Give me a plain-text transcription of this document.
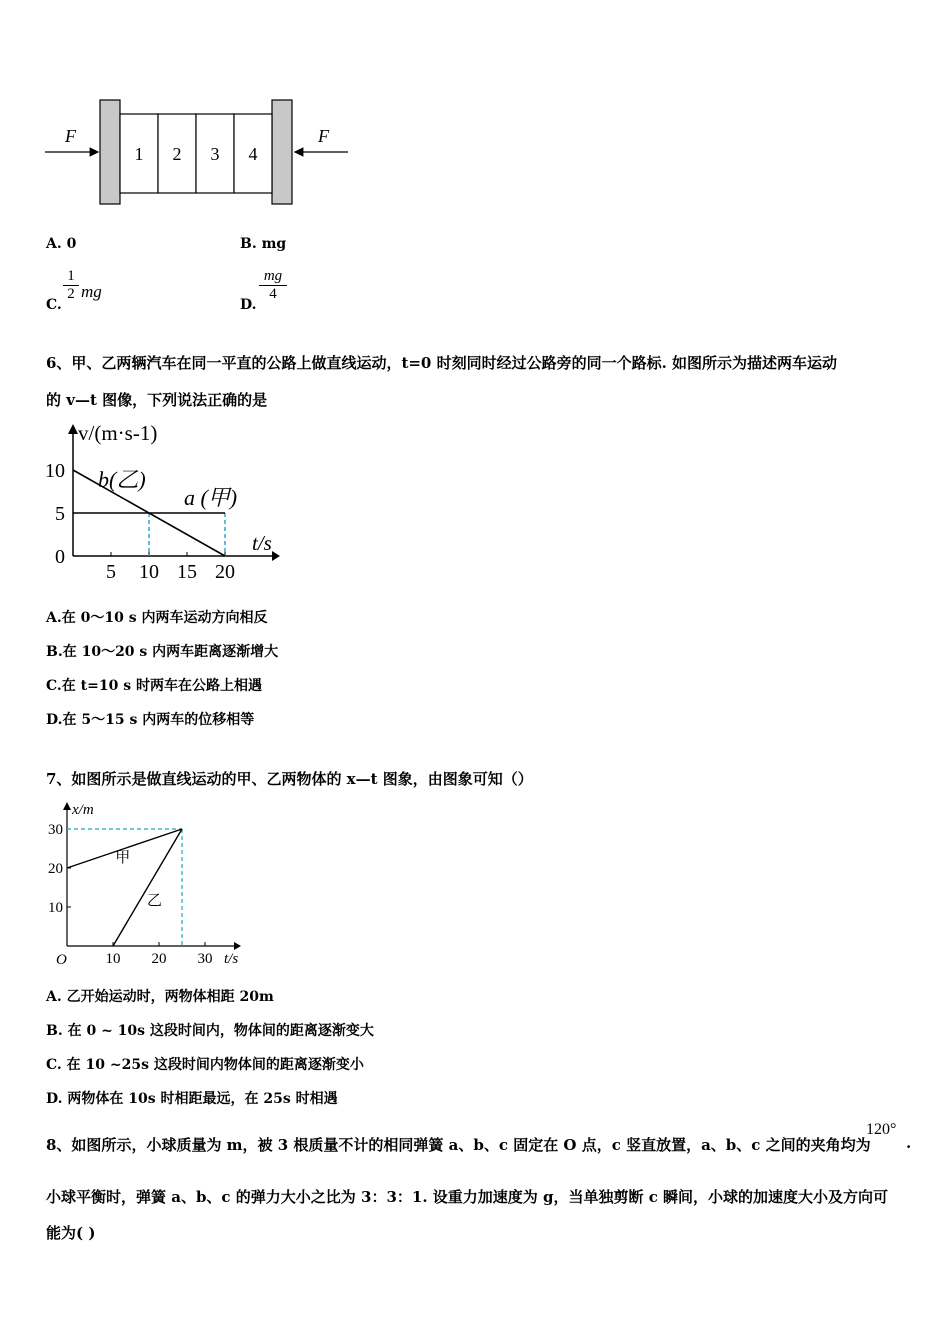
F	F
1 2 3 4
A. 0	B. mg
C.
$\frac{1}{2}$ mg
D.
$\frac{mg}{4}$
6、甲、乙两辆汽车在同一平直的公路上做直线运动，t=0 时刻同时经过公路旁的同一个路标. 如图所示为描述两车运动
的 v—t 图像，下列说法正确的是
5 10 15 20
0
5
10 b(乙)
a (甲)
v/(m·s-1)
t/s
A.在 0～10 s 内两车运动方向相反
B.在 10～20 s 内两车距离逐渐增大
C.在 t=10 s 时两车在公路上相遇
D.在 5～15 s 内两车的位移相等
7、如图所示是做直线运动的甲、乙两物体的 x—t 图象，由图象可知（）
10 20 30
10
20
30
O
甲
乙
x/m
t/s
A. 乙开始运动时，两物体相距 20m
B. 在 0 ~ 10s 这段时间内，物体间的距离逐渐变大
C. 在 10 ~25s 这段时间内物体间的距离逐渐变小
D. 两物体在 10s 时相距最远，在 25s 时相遇
8、如图所示，小球质量为 m，被 3 根质量不计的相同弹簧 a、b、c 固定在 O 点，c 竖直放置，a、b、c 之间的夹角均为
120°
.
小球平衡时，弹簧 a、b、c 的弹力大小之比为 3：3：1. 设重力加速度为 g，当单独剪断 c 瞬间，小球的加速度大小及方向可
能为( )
